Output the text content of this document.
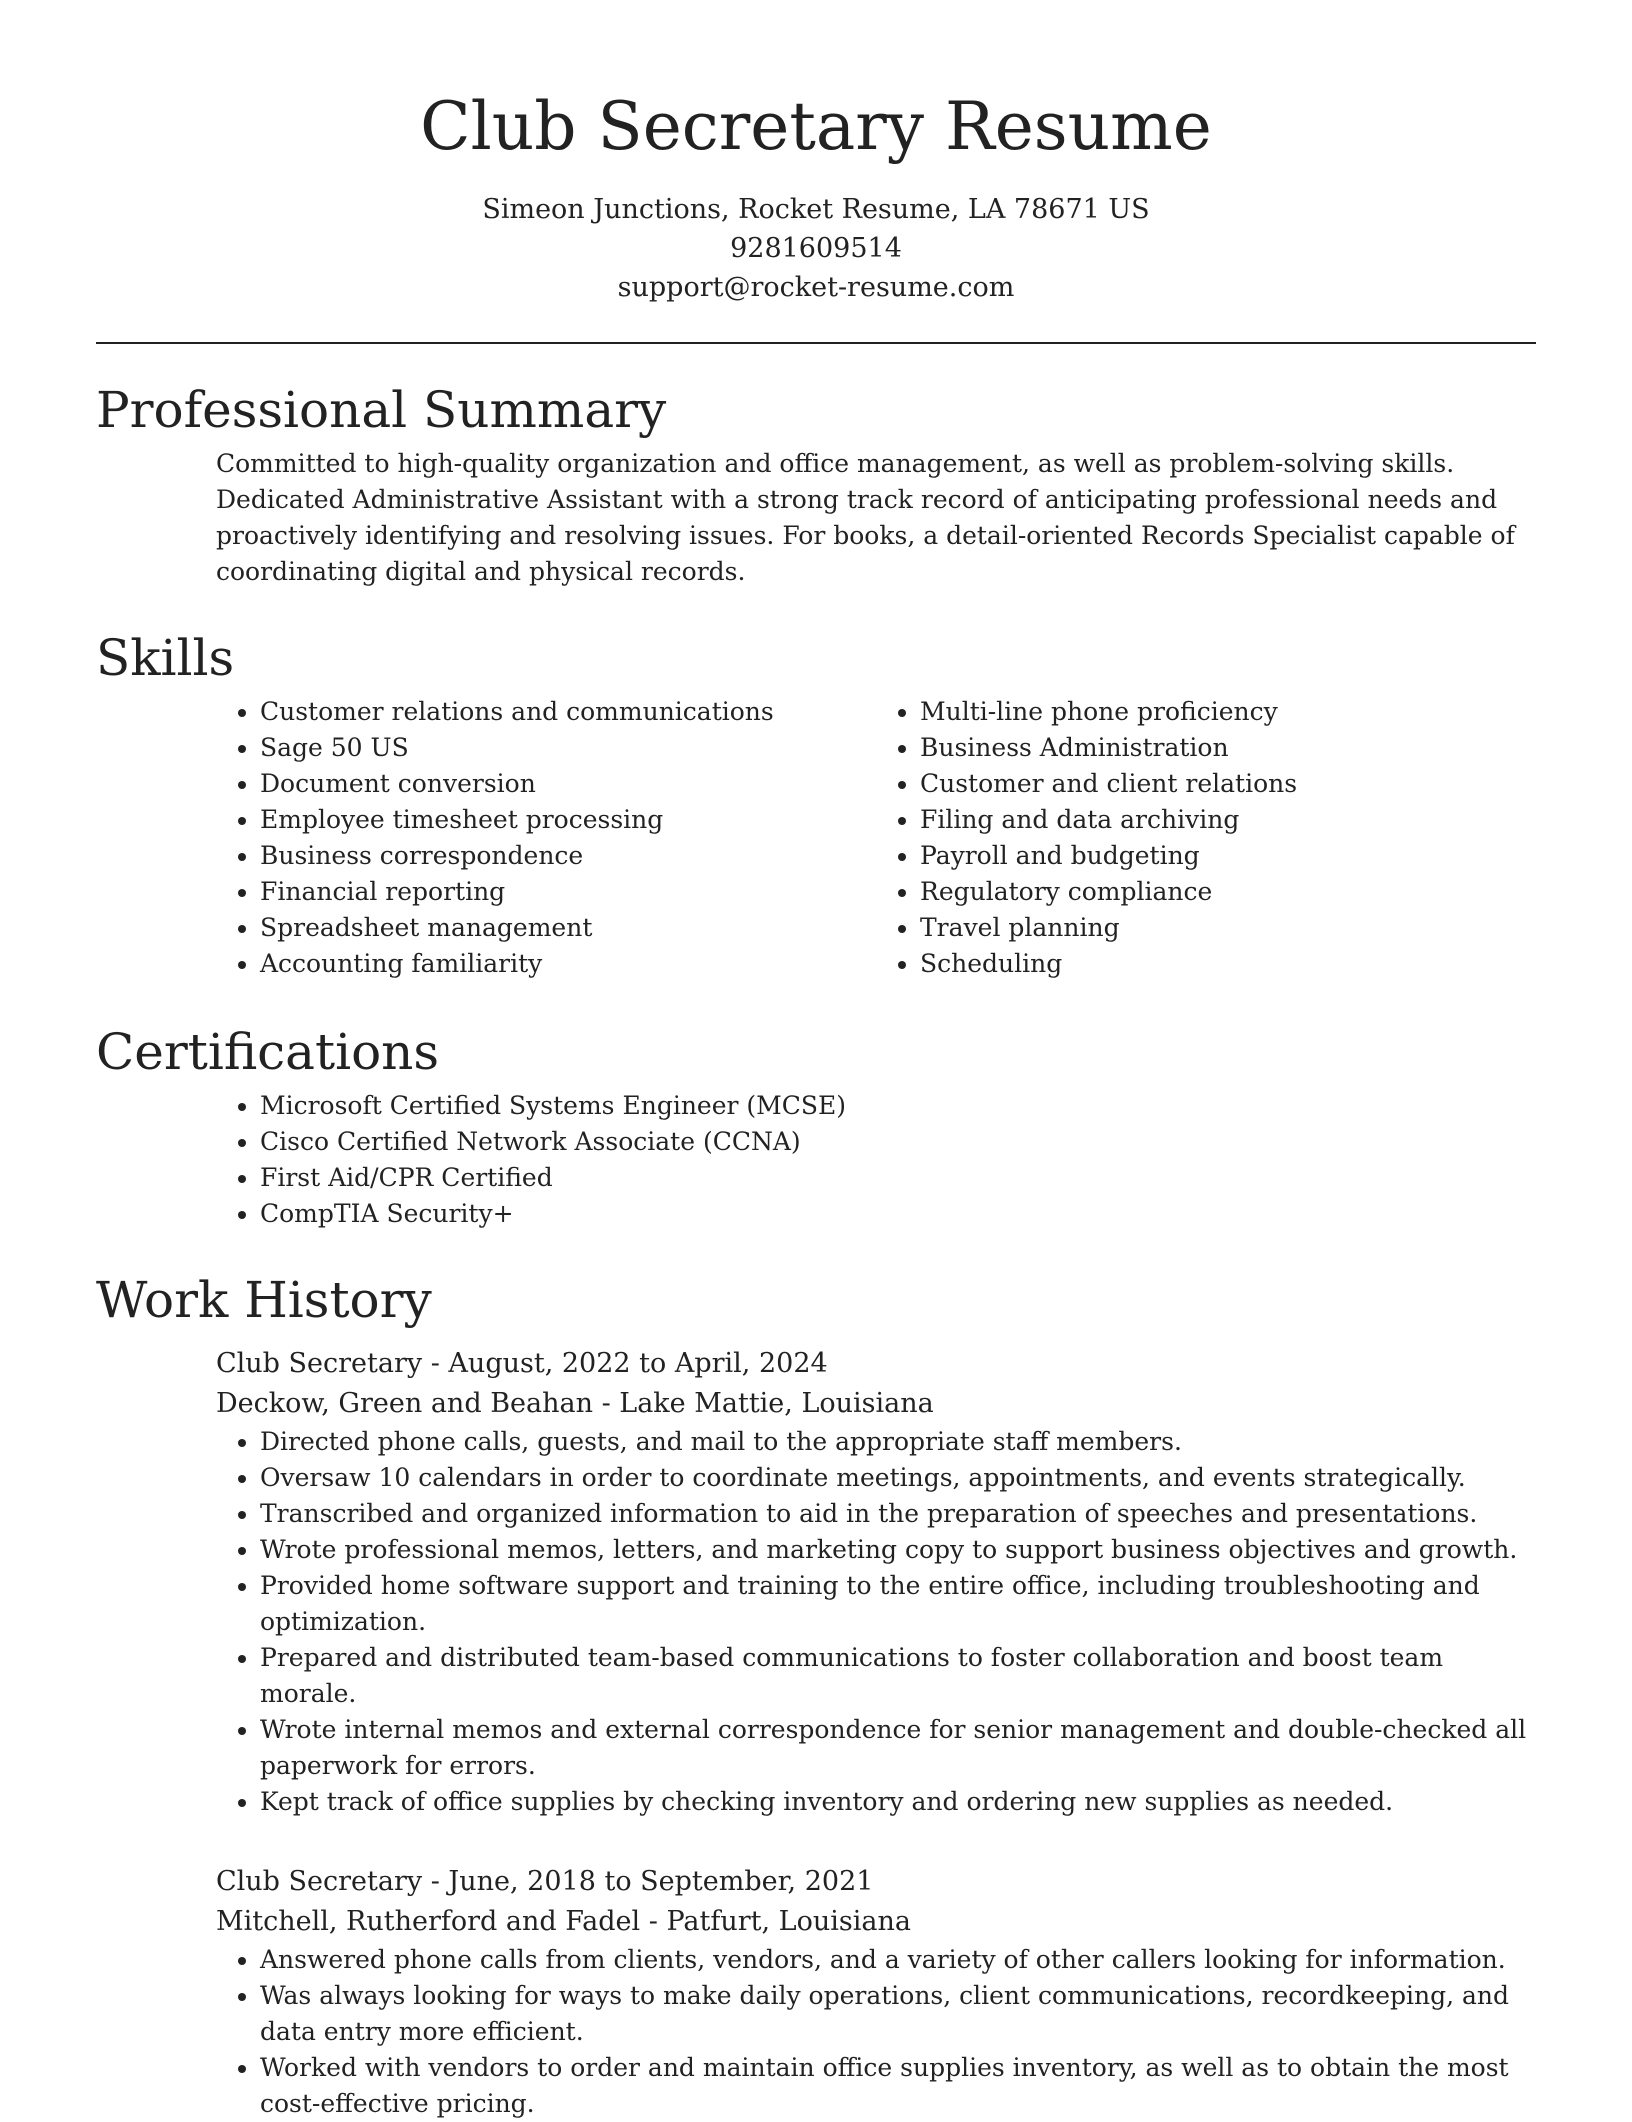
Club Secretary Resume
Simeon Junctions, Rocket Resume, LA 78671 US
9281609514
support@rocket-resume.com
Professional Summary
Committed to high-quality organization and office management, as well as problem-solving skills. Dedicated Administrative Assistant with a strong track record of anticipating professional needs and proactively identifying and resolving issues. For books, a detail-oriented Records Specialist capable of coordinating digital and physical records.
Skills
• Customer relations and communications
• Sage 50 US
• Document conversion
• Employee timesheet processing
• Business correspondence
• Financial reporting
• Spreadsheet management
• Accounting familiarity
• Multi-line phone proficiency
• Business Administration
• Customer and client relations
• Filing and data archiving
• Payroll and budgeting
• Regulatory compliance
• Travel planning
• Scheduling
Certifications
• Microsoft Certified Systems Engineer (MCSE)
• Cisco Certified Network Associate (CCNA)
• First Aid/CPR Certified
• CompTIA Security+
Work History
Club Secretary - August, 2022 to April, 2024
Deckow, Green and Beahan - Lake Mattie, Louisiana
• Directed phone calls, guests, and mail to the appropriate staff members.
• Oversaw 10 calendars in order to coordinate meetings, appointments, and events strategically.
• Transcribed and organized information to aid in the preparation of speeches and presentations.
• Wrote professional memos, letters, and marketing copy to support business objectives and growth.
• Provided home software support and training to the entire office, including troubleshooting and optimization.
• Prepared and distributed team-based communications to foster collaboration and boost team morale.
• Wrote internal memos and external correspondence for senior management and double-checked all paperwork for errors.
• Kept track of office supplies by checking inventory and ordering new supplies as needed.
Club Secretary - June, 2018 to September, 2021
Mitchell, Rutherford and Fadel - Patfurt, Louisiana
• Answered phone calls from clients, vendors, and a variety of other callers looking for information.
• Was always looking for ways to make daily operations, client communications, recordkeeping, and data entry more efficient.
• Worked with vendors to order and maintain office supplies inventory, as well as to obtain the most cost-effective pricing.
